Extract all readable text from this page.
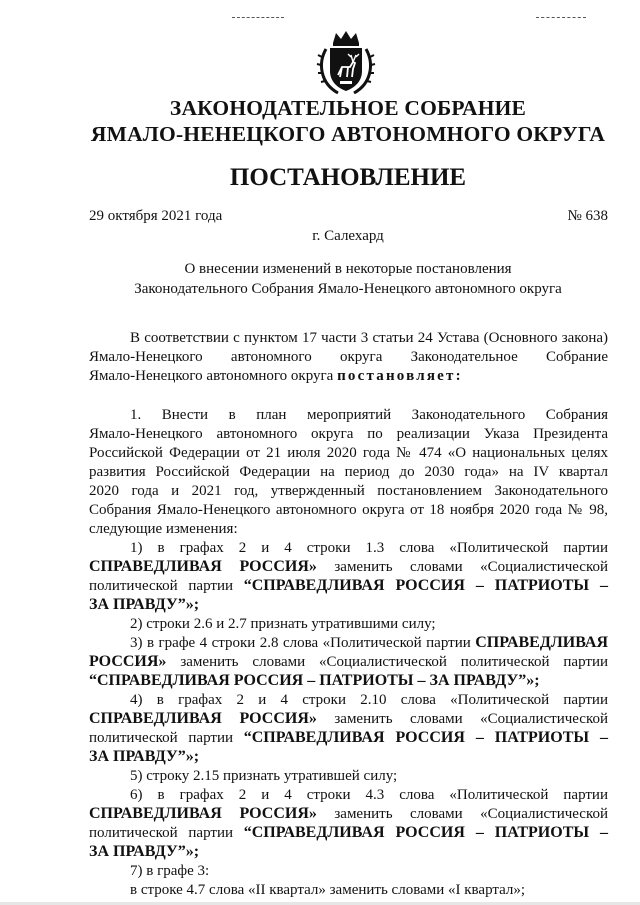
ЗАКОНОДАТЕЛЬНОЕ СОБРАНИЕ
ЯМАЛО-НЕНЕЦКОГО АВТОНОМНОГО ОКРУГА
ПОСТАНОВЛЕНИЕ
29 октября 2021 года	№ 638
г. Салехард
О внесении изменений в некоторые постановления
Законодательного Собрания Ямало-Ненецкого автономного округа
В соответствии с пунктом 17 части 3 статьи 24 Устава (Основного закона)
Ямало-Ненецкого автономного округа Законодательное Собрание
Ямало-Ненецкого автономного округа постановляет:
1. Внести в план мероприятий Законодательного Собрания
Ямало-Ненецкого автономного округа по реализации Указа Президента
Российской Федерации от 21 июля 2020 года № 474 «О национальных целях
развития Российской Федерации на период до 2030 года» на IV квартал
2020 года и 2021 год, утвержденный постановлением Законодательного
Собрания Ямало-Ненецкого автономного округа от 18 ноября 2020 года № 98,
следующие изменения:
1) в графах 2 и 4 строки 1.3 слова «Политической партии
СПРАВЕДЛИВАЯ РОССИЯ» заменить словами «Социалистической
политической партии “СПРАВЕДЛИВАЯ РОССИЯ – ПАТРИОТЫ –
ЗА ПРАВДУ”»;
2) строки 2.6 и 2.7 признать утратившими силу;
3) в графе 4 строки 2.8 слова «Политической партии СПРАВЕДЛИВАЯ
РОССИЯ» заменить словами «Социалистической политической партии
“СПРАВЕДЛИВАЯ РОССИЯ – ПАТРИОТЫ – ЗА ПРАВДУ”»;
4) в графах 2 и 4 строки 2.10 слова «Политической партии
СПРАВЕДЛИВАЯ РОССИЯ» заменить словами «Социалистической
политической партии “СПРАВЕДЛИВАЯ РОССИЯ – ПАТРИОТЫ –
ЗА ПРАВДУ”»;
5) строку 2.15 признать утратившей силу;
6) в графах 2 и 4 строки 4.3 слова «Политической партии
СПРАВЕДЛИВАЯ РОССИЯ» заменить словами «Социалистической
политической партии “СПРАВЕДЛИВАЯ РОССИЯ – ПАТРИОТЫ –
ЗА ПРАВДУ”»;
7) в графе 3:
в строке 4.7 слова «II квартал» заменить словами «I квартал»;
